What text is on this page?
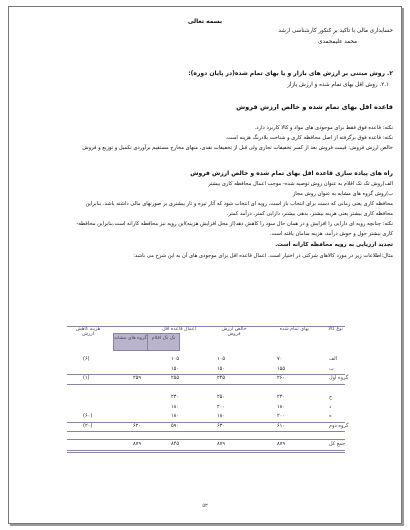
بسمه تعالی
حسابداری مالی با تاکید بر کنکور کارشناسی ارشد
محمد علیمحمدی
۲. روش مبتنی بر ارزش های بازار و یا بهای تمام شده(در پایان دوره):
۲.۱. روش اقل بهای تمام شده و ارزش بازار
قاعده اقل بهای تمام شده و خالص ارزش فروش
نکته: قاعده فوق فقط برای موجودی های مواد و کالا کاربرد دارد.
نکته: قاعده فوق برگرفته از اصل محافظه کاری و شناخت بلادرنگ هزینه است.
خالص ارزش فروش: قیمت فروش بعد از کسر تخفیفات تجاری ولی قبل از تخفیفات نقدی، منهای مخارج مستقیم برآوردی تکمیل و توزیع و فروش
راه های پیاده سازی قاعده اقل بهای تمام شده و خالص ارزش فروش
الف)روش تک تک اقلام به عنوان روش توصیه شده- موجب اعمال محافظه کاری بیشتر
ب)روش گروه های مشابه به عنوان روش مجاز
محافظه کاری یعنی زمانی که دست برای انتخاب باز است، رویه ای انتخاب شود که آثار تیره و تار بیشتری بر صورتهای مالی داشته باشد. بنابراین
محافظه کاری بیشتر یعنی هزینه بیشتر، بدهی بیشتر، دارایی کمتر، درآمد کمتر.
نکته: چنانچه رویه ای دارایی را افزایش و در همان حال سود را کاهش دهد(از محل افزایش هزینه)این رویه نیز محافظه کارانه است.بنابراین محافظه-
کاری بیشتر حول و حوش درآمد، هزینه سامان یافته است.
تجدید ارزیابی به رویه محافظه کارانه است.
مثال:اطلاعات زیر در مورد کالاهای شرکتی در اختیار است. اعمال قاعده اقل برای موجودی های آن به این شرح می باشد:
نوع کالا
بهای تمام شده
خالص ارزش فروش
اعمال قاعده اقل
هزینه کاهش ارزش
تک تک اقلام
گروه های مشابه
الف
۷۰
۱۰۵
۱۰۵
(۶)
ب
۱۵۵
۱۵۰
۱۵۰
گروه اول
۲۶۰
۲۴۵
۲۵۵
۲۵۹
(۱)
ج
۲۳۰
۲۵۰
۲۳۰
د
۱۸۰
۲۰۰
۱۸۰
ه
۲۰۰
۱۸۰
۱۸۰
(۶۰)
گروه دوم
۶۱۰
۶۳۰
۵۹۰
۶۲۰
(۲۰)
جمع کل
۸۷۹
۸۷۹
۸۴۵
۸۷۹
۵۳
